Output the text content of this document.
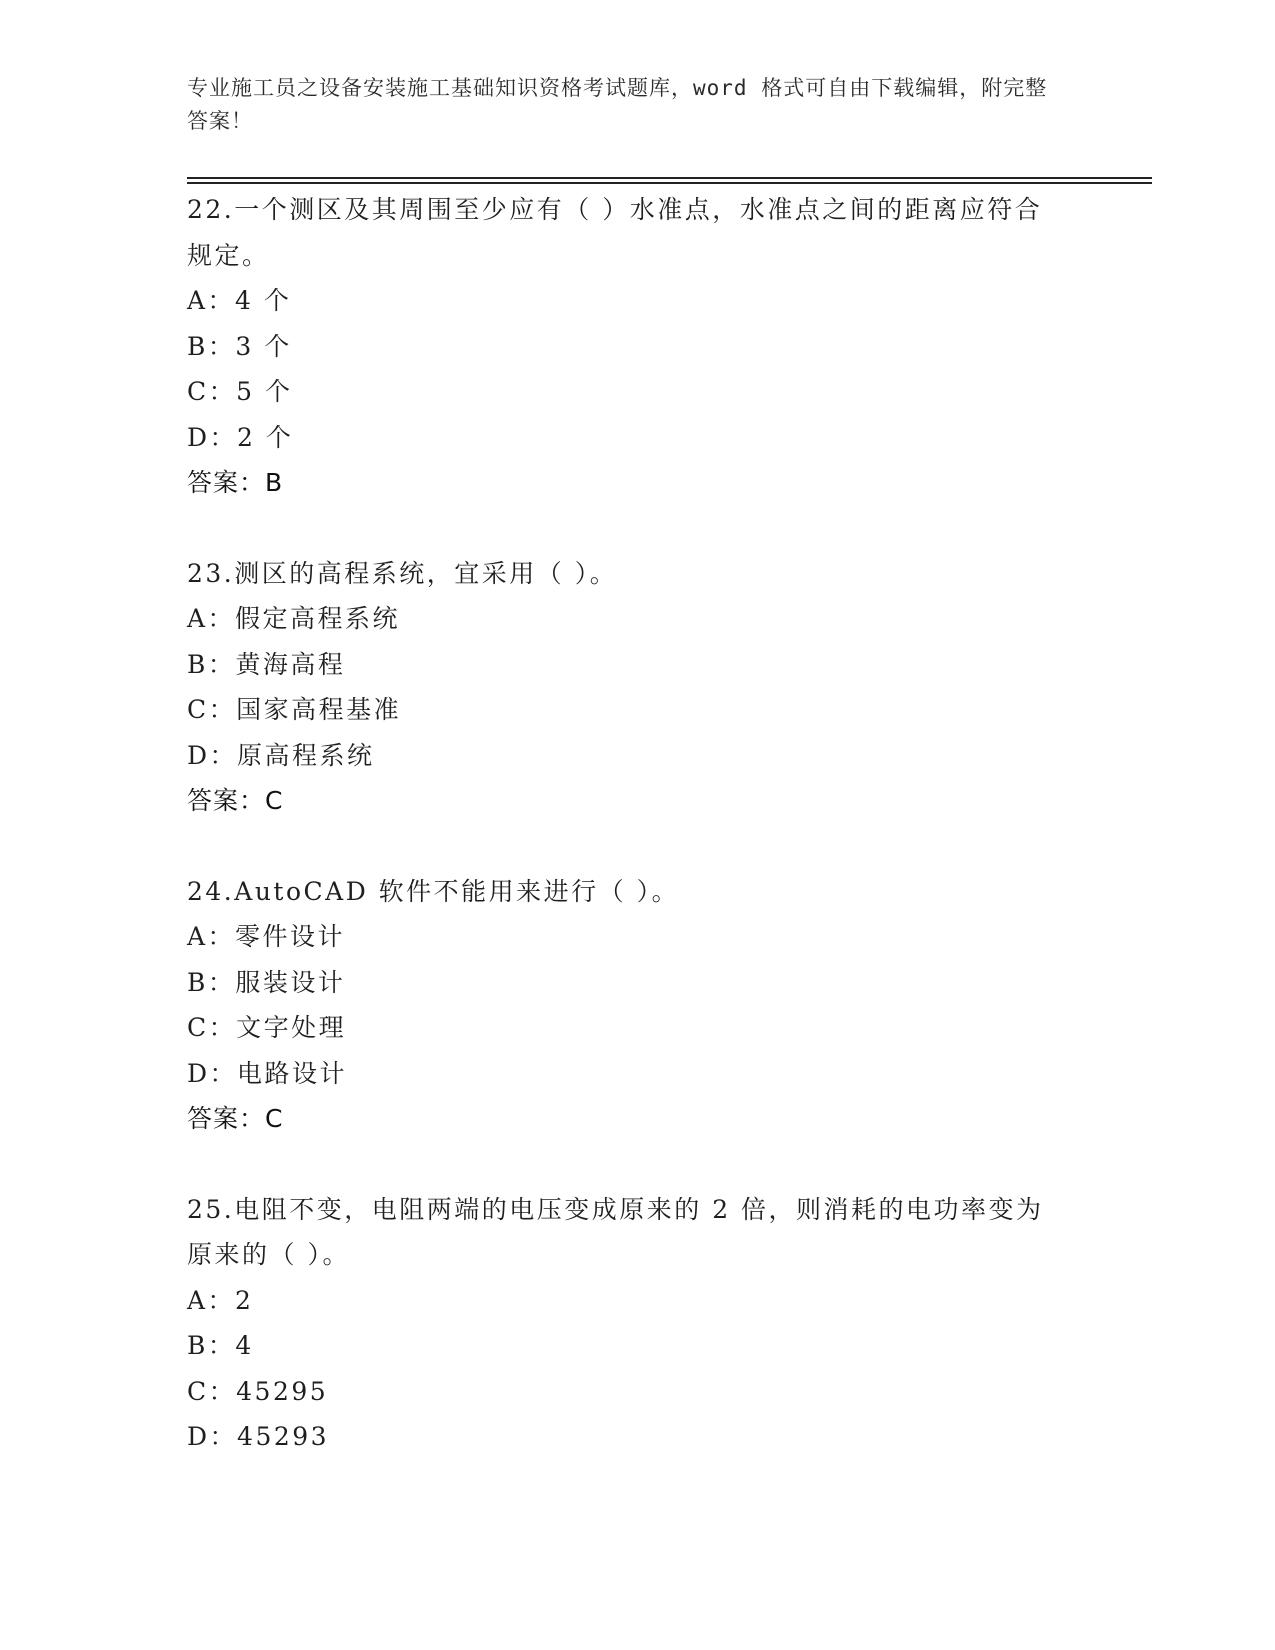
专业施工员之设备安装施工基础知识资格考试题库，word 格式可自由下载编辑，附完整答案！

22.一个测区及其周围至少应有（ ）水准点，水准点之间的距离应符合规定。

A：4 个

B：3 个

C：5 个

D：2 个

答案：B

23.测区的高程系统，宜采用（ ）。

A：假定高程系统

B：黄海高程

C：国家高程基准

D：原高程系统

答案：C

24.AutoCAD 软件不能用来进行（ ）。

A：零件设计

B：服装设计

C：文字处理

D：电路设计

答案：C

25.电阻不变，电阻两端的电压变成原来的 2 倍，则消耗的电功率变为原来的（ ）。

A：2

B：4

C：45295

D：45293
